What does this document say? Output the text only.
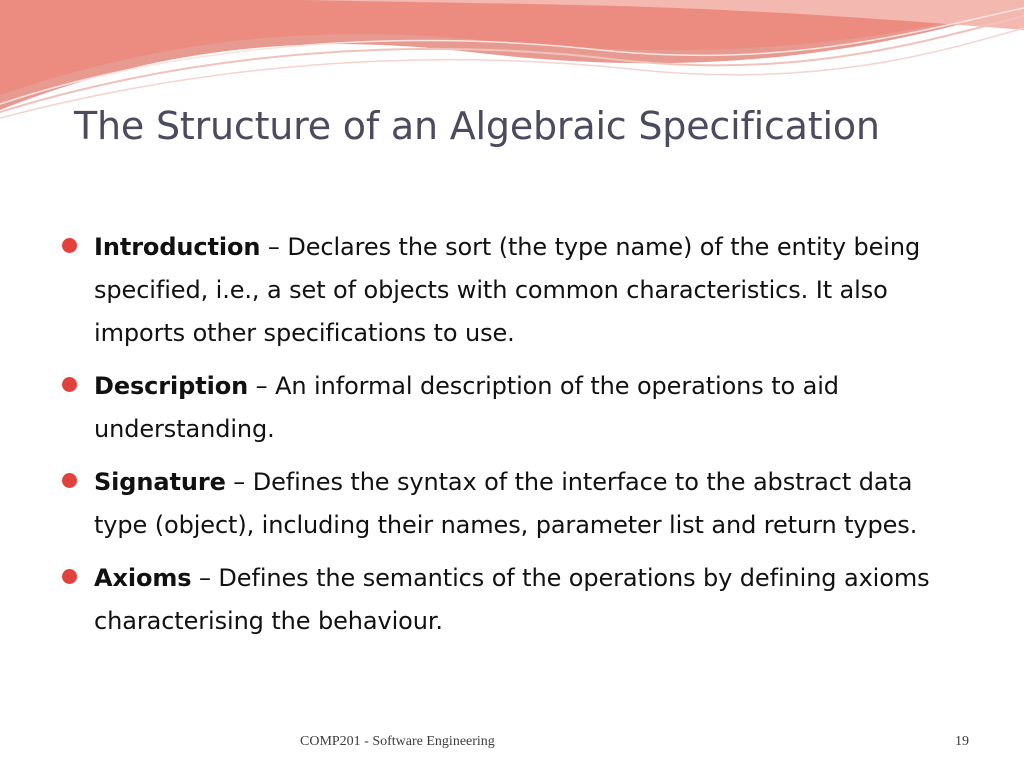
The Structure of an Algebraic Specification
Introduction – Declares the sort (the type name) of the entity being specified, i.e., a set of objects with common characteristics. It also imports other specifications to use.
Description – An informal description of the operations to aid understanding.
Signature – Defines the syntax of the interface to the abstract data type (object), including their names, parameter list and return types.
Axioms – Defines the semantics of the operations by defining axioms characterising the behaviour.
COMP201 - Software Engineering	19
